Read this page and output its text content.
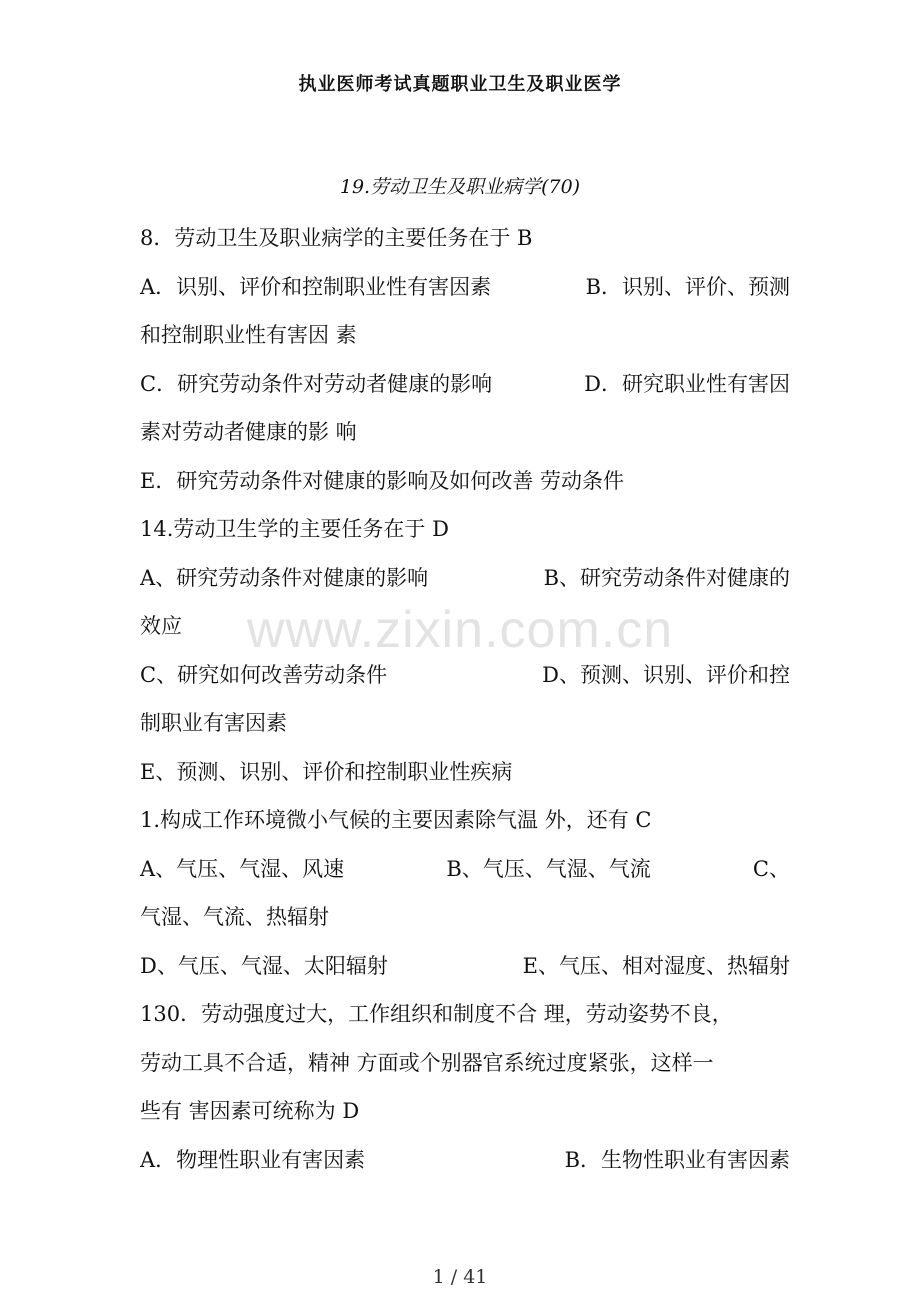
执业医师考试真题职业卫生及职业医学
19.劳动卫生及职业病学(70)
www.zixin.com.cn
8．劳动卫生及职业病学的主要任务在于 B
A．识别、评价和控制职业性有害因素	B．识别、评价、预测
和控制职业性有害因 素
C．研究劳动条件对劳动者健康的影响	D．研究职业性有害因
素对劳动者健康的影 响
E．研究劳动条件对健康的影响及如何改善 劳动条件
14.劳动卫生学的主要任务在于 D
A、研究劳动条件对健康的影响	B、研究劳动条件对健康的
效应
C、研究如何改善劳动条件	D、预测、识别、评价和控
制职业有害因素
E、预测、识别、评价和控制职业性疾病
1.构成工作环境微小气候的主要因素除气温 外，还有 C
A、气压、气湿、风速	B、气压、气湿、气流	C、
气湿、气流、热辐射
D、气压、气湿、太阳辐射	E、气压、相对湿度、热辐射
130．劳动强度过大，工作组织和制度不合 理，劳动姿势不良，
劳动工具不合适，精神 方面或个别器官系统过度紧张，这样一
些有 害因素可统称为 D
A．物理性职业有害因素	B．生物性职业有害因素
1 / 41
